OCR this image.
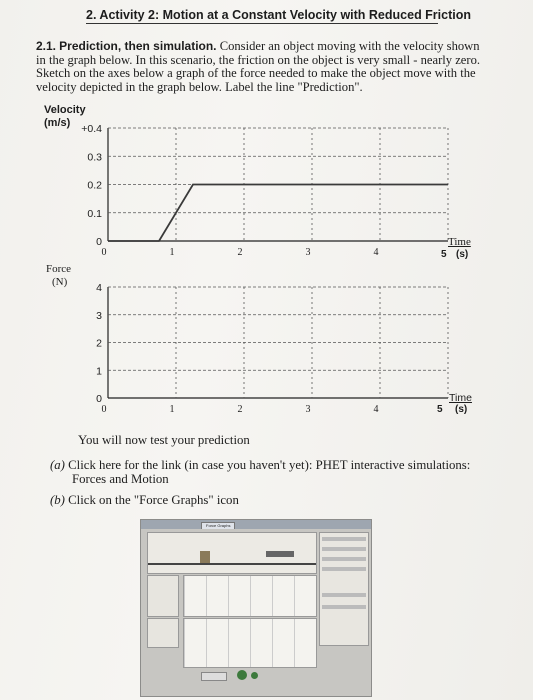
2. Activity 2: Motion at a Constant Velocity with Reduced Friction
2.1. Prediction, then simulation. Consider an object moving with the velocity shown in the graph below. In this scenario, the friction on the object is very small - nearly zero. Sketch on the axes below a graph of the force needed to make the object move with the velocity depicted in the graph below. Label the line "Prediction".
Velocity
(m/s)
Time
5 (s)
Force
(N)
Time
5 (s)
+0.4
0.3
0.2
0.1
0
0	1	2	3	4
4
3
2
1
0
0	1	2	3	4
You will now test your prediction
(a) Click here for the link (in case you haven't yet): PHET interactive simulations:
Forces and Motion
(b) Click on the "Force Graphs" icon
Force Graphs
